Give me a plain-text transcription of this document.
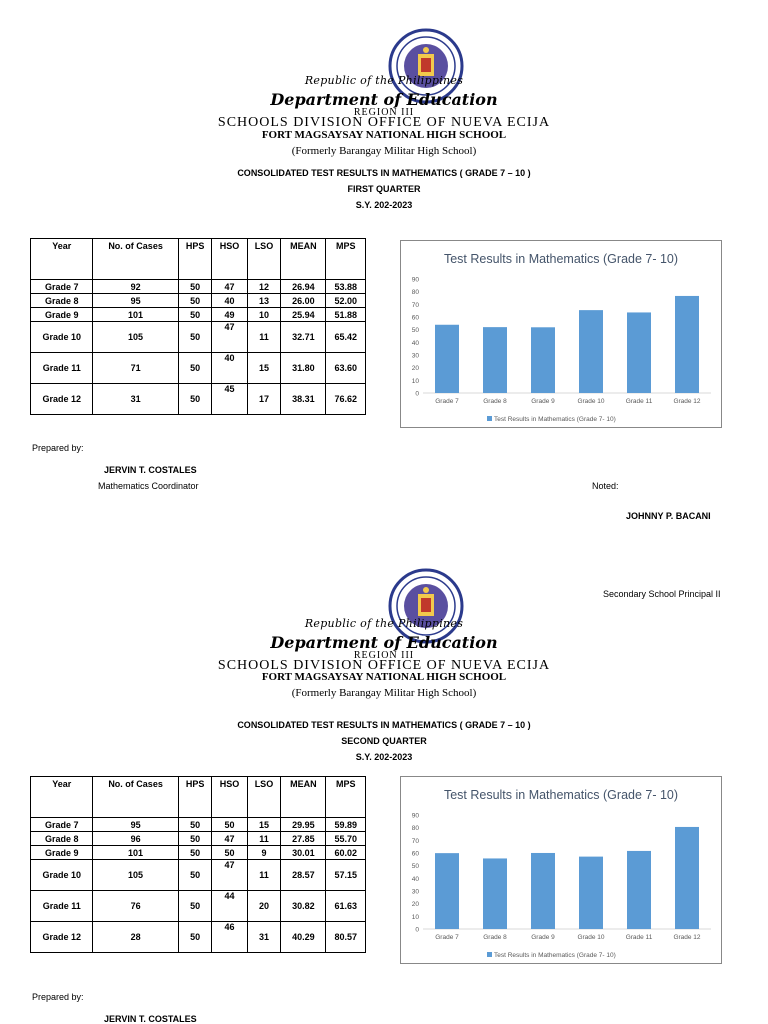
Republic of the Philippines
Department of Education
REGION III
SCHOOLS DIVISION OFFICE OF NUEVA ECIJA
FORT MAGSAYSAY NATIONAL HIGH SCHOOL
(Formerly Barangay Militar High School)
CONSOLIDATED TEST RESULTS IN MATHEMATICS ( GRADE 7 – 10 )
FIRST QUARTER
S.Y. 202-2023
Year	No. of Cases	HPS	HSO	LSO	MEAN	MPS
Grade 7	92	50	47	12	26.94	53.88
Grade 8	95	50	40	13	26.00	52.00
Grade 9	101	50	49	10	25.94	51.88
Grade 10	105	50	47	11	32.71	65.42
Grade 11	71	50	40	15	31.80	63.60
Grade 12	31	50	45	17	38.31	76.62
Test Results in Mathematics (Grade 7- 10)
0
10
20
30
40
50
60
70
80
90
Grade 7	Grade 8	Grade 9	Grade 10	Grade 11	Grade 12
Test Results in Mathematics (Grade 7- 10)
Prepared by:
JERVIN T. COSTALES
Mathematics Coordinator	Noted:
JOHNNY P. BACANI
Secondary School Principal II
Republic of the Philippines
Department of Education
REGION III
SCHOOLS DIVISION OFFICE OF NUEVA ECIJA
FORT MAGSAYSAY NATIONAL HIGH SCHOOL
(Formerly Barangay Militar High School)
CONSOLIDATED TEST RESULTS IN MATHEMATICS ( GRADE 7 – 10 )
SECOND QUARTER
S.Y. 202-2023
Year	No. of Cases	HPS	HSO	LSO	MEAN	MPS
Grade 7	95	50	50	15	29.95	59.89
Grade 8	96	50	47	11	27.85	55.70
Grade 9	101	50	50	9	30.01	60.02
Grade 10	105	50	47	11	28.57	57.15
Grade 11	76	50	44	20	30.82	61.63
Grade 12	28	50	46	31	40.29	80.57
Test Results in Mathematics (Grade 7- 10)
0
10
20
30
40
50
60
70
80
90
Grade 7	Grade 8	Grade 9	Grade 10	Grade 11	Grade 12
Test Results in Mathematics (Grade 7- 10)
Prepared by:
JERVIN T. COSTALES
